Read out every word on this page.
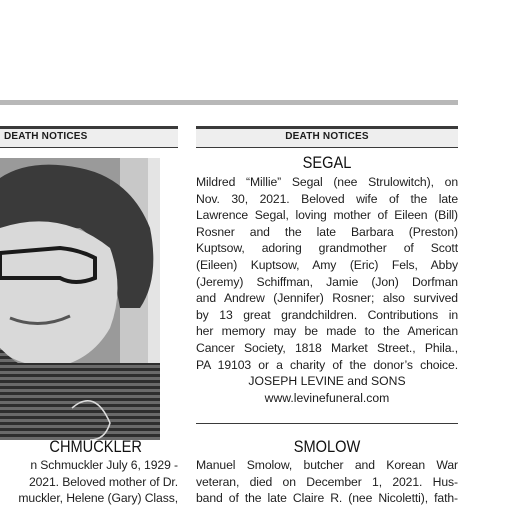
DEATH NOTICES
CHMUCKLER
n Schmuckler July 6, 1929 -
2021. Beloved mother of Dr.
muckler, Helene (Gary) Class,
DEATH NOTICES
SEGAL
Mildred “Millie” Segal (nee Strulowitch), on
Nov. 30, 2021. Beloved wife of the late
Lawrence Segal, loving mother of Eileen (Bill)
Rosner and the late Barbara (Preston)
Kuptsow, adoring grandmother of Scott
(Eileen) Kuptsow, Amy (Eric) Fels, Abby
(Jeremy) Schiffman, Jamie (Jon) Dorfman
and Andrew (Jennifer) Rosner; also survived
by 13 great grandchildren. Contributions in
her memory may be made to the American
Cancer Society, 1818 Market Street., Phila.,
PA 19103 or a charity of the donor’s choice.
JOSEPH LEVINE and SONS
www.levinefuneral.com
SMOLOW
Manuel Smolow, butcher and Korean War
veteran, died on December 1, 2021. Hus-
band of the late Claire R. (nee Nicoletti), fath-
